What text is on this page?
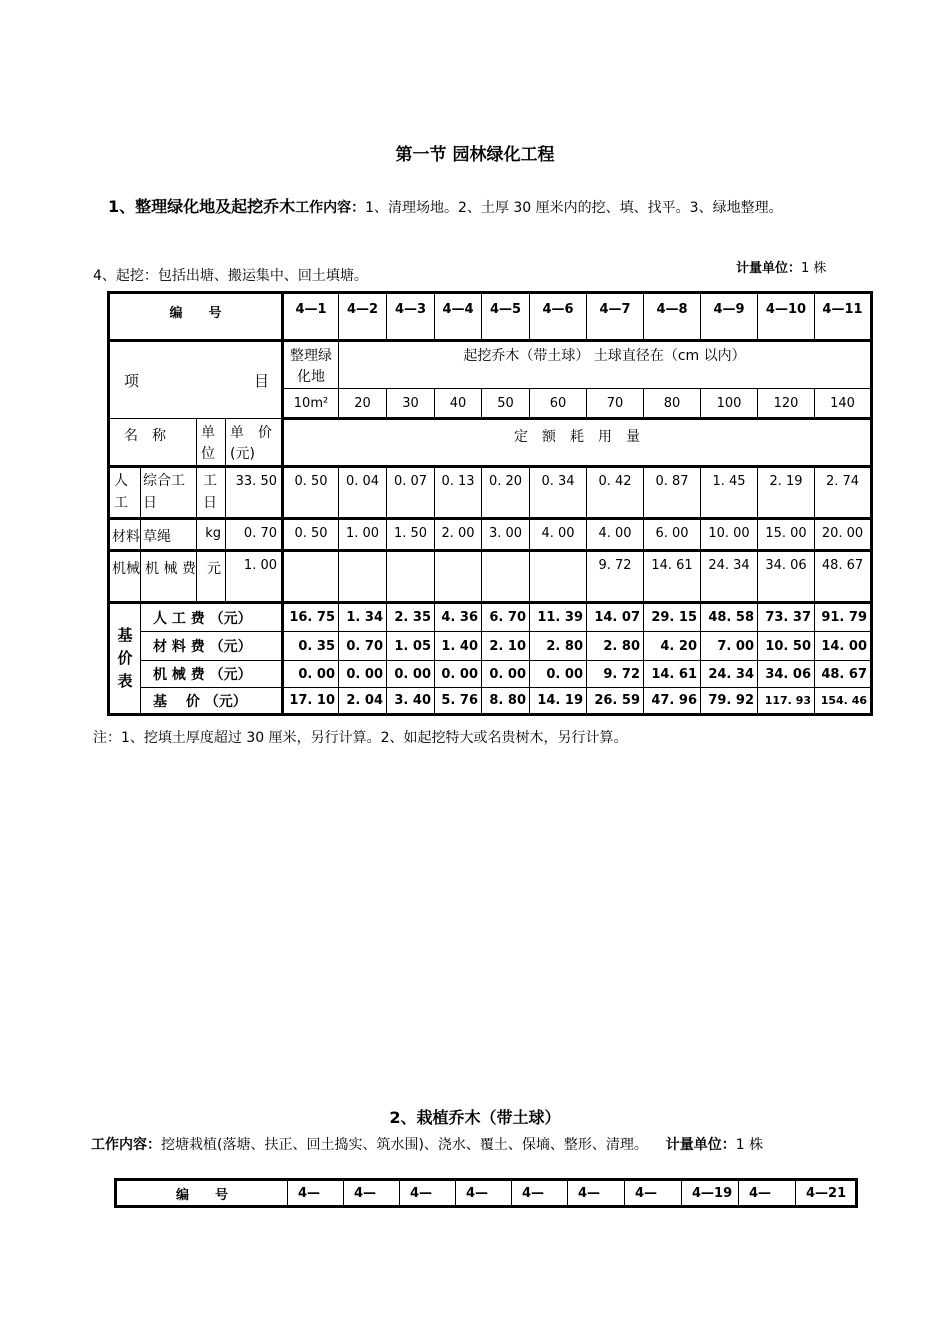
第一节 园林绿化工程
1、整理绿化地及起挖乔木工作内容：1、清理场地。2、土厚 30 厘米内的挖、填、找平。3、绿地整理。
计量单位：1 株
4、起挖：包括出塘、搬运集中、回土填塘。
编　　号				4—1	4—2	4—3	4—4	4—5	4—6	4—7	4—8	4—9	4—10	4—11

项 目				整理绿化地	起挖乔木（带土球） 土球直径在（cm 以内）									
				10m²	20	30	40	50	60	70	80	100	120	140
名　称		单位	单　价(元)	定　额　耗　用　量										
人工	综合工日	工日	33. 50	0. 50	0. 04	0. 07	0. 13	0. 20	0. 34	0. 42	0. 87	1. 45	2. 19	2. 74
材料	草绳	kg	0. 70	0. 50	1. 00	1. 50	2. 00	3. 00	4. 00	4. 00	6. 00	10. 00	15. 00	20. 00
机械	机 械 费	元	1. 00							9. 72	14. 61	24. 34	34. 06	48. 67
基价表	人 工 费 （元）			16. 75	1. 34	2. 35	4. 36	6. 70	11. 39	14. 07	29. 15	48. 58	73. 37	91. 79
	材 料 费 （元）			0. 35	0. 70	1. 05	1. 40	2. 10	2. 80	2. 80	4. 20	7. 00	10. 50	14. 00
	机 械 费 （元）			0. 00	0. 00	0. 00	0. 00	0. 00	0. 00	9. 72	14. 61	24. 34	34. 06	48. 67
	基　 价 （元）			17. 10	2. 04	3. 40	5. 76	8. 80	14. 19	26. 59	47. 96	79. 92	117. 93	154. 46
注：1、挖填土厚度超过 30 厘米，另行计算。2、如起挖特大或名贵树木，另行计算。
2、栽植乔木（带土球）
工作内容：挖塘栽植(落塘、扶正、回土捣实、筑水围)、浇水、覆土、保墒、整形、清理。 计量单位：1 株
编　　号	4—	4—	4—	4—	4—	4—	4—	4—19	4—	4—21
